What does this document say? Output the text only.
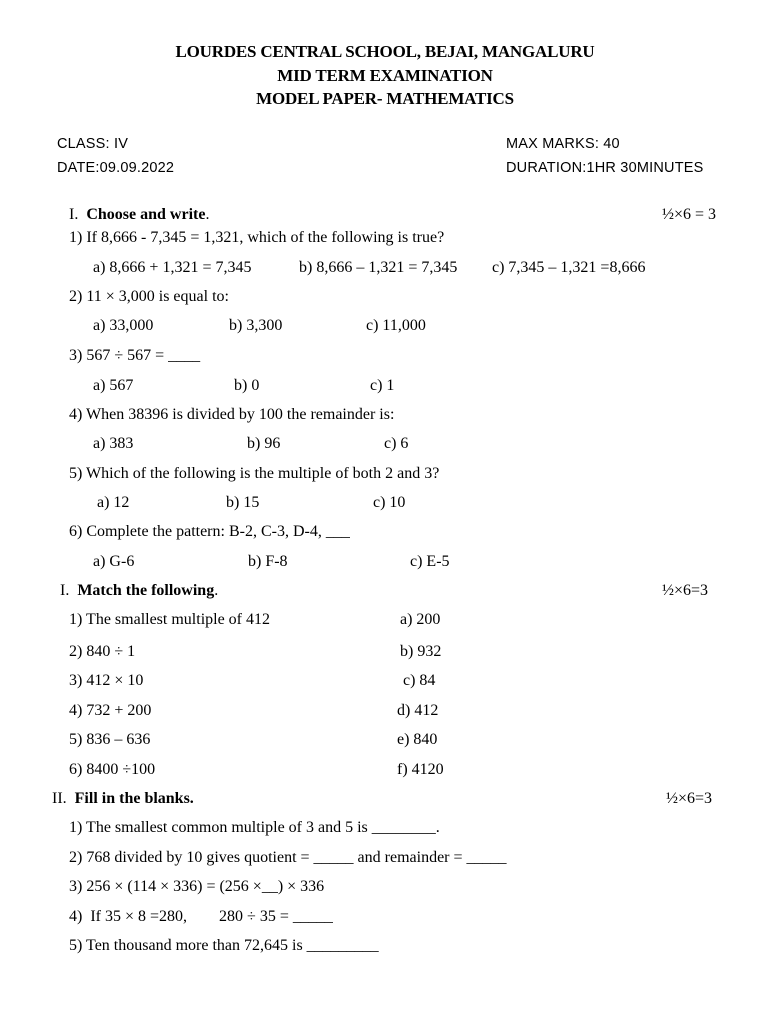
LOURDES CENTRAL SCHOOL, BEJAI, MANGALURU
MID TERM EXAMINATION
MODEL PAPER- MATHEMATICS
CLASS: IV
DATE:09.09.2022
MAX MARKS: 40
DURATION:1HR 30MINUTES
I. Choose and write.	½×6 = 3
1) If 8,666 - 7,345 = 1,321, which of the following is true?
a) 8,666 + 1,321 = 7,345	b) 8,666 – 1,321 = 7,345 c) 7,345 – 1,321 =8,666
2) 11 × 3,000 is equal to:
a) 33,000	b) 3,300	c) 11,000
3) 567 ÷ 567 = ____
a) 567	b) 0	c) 1
4) When 38396 is divided by 100 the remainder is:
a) 383	b) 96	c) 6
5) Which of the following is the multiple of both 2 and 3?
a) 12	b) 15	c) 10
6) Complete the pattern: B-2, C-3, D-4, ___
a) G-6	b) F-8	c) E-5
I. Match the following.	½×6=3
1) The smallest multiple of 412	a) 200
2) 840 ÷ 1	b) 932
3) 412 × 10	c) 84
4) 732 + 200	d) 412
5) 836 – 636	e) 840
6) 8400 ÷100	f) 4120
II. Fill in the blanks.	½×6=3
1) The smallest common multiple of 3 and 5 is ________.
2) 768 divided by 10 gives quotient = _____ and remainder = _____
3) 256 × (114 × 336) = (256 ×__) × 336
4)  If 35 × 8 =280,        280 ÷ 35 = _____
5) Ten thousand more than 72,645 is _________
